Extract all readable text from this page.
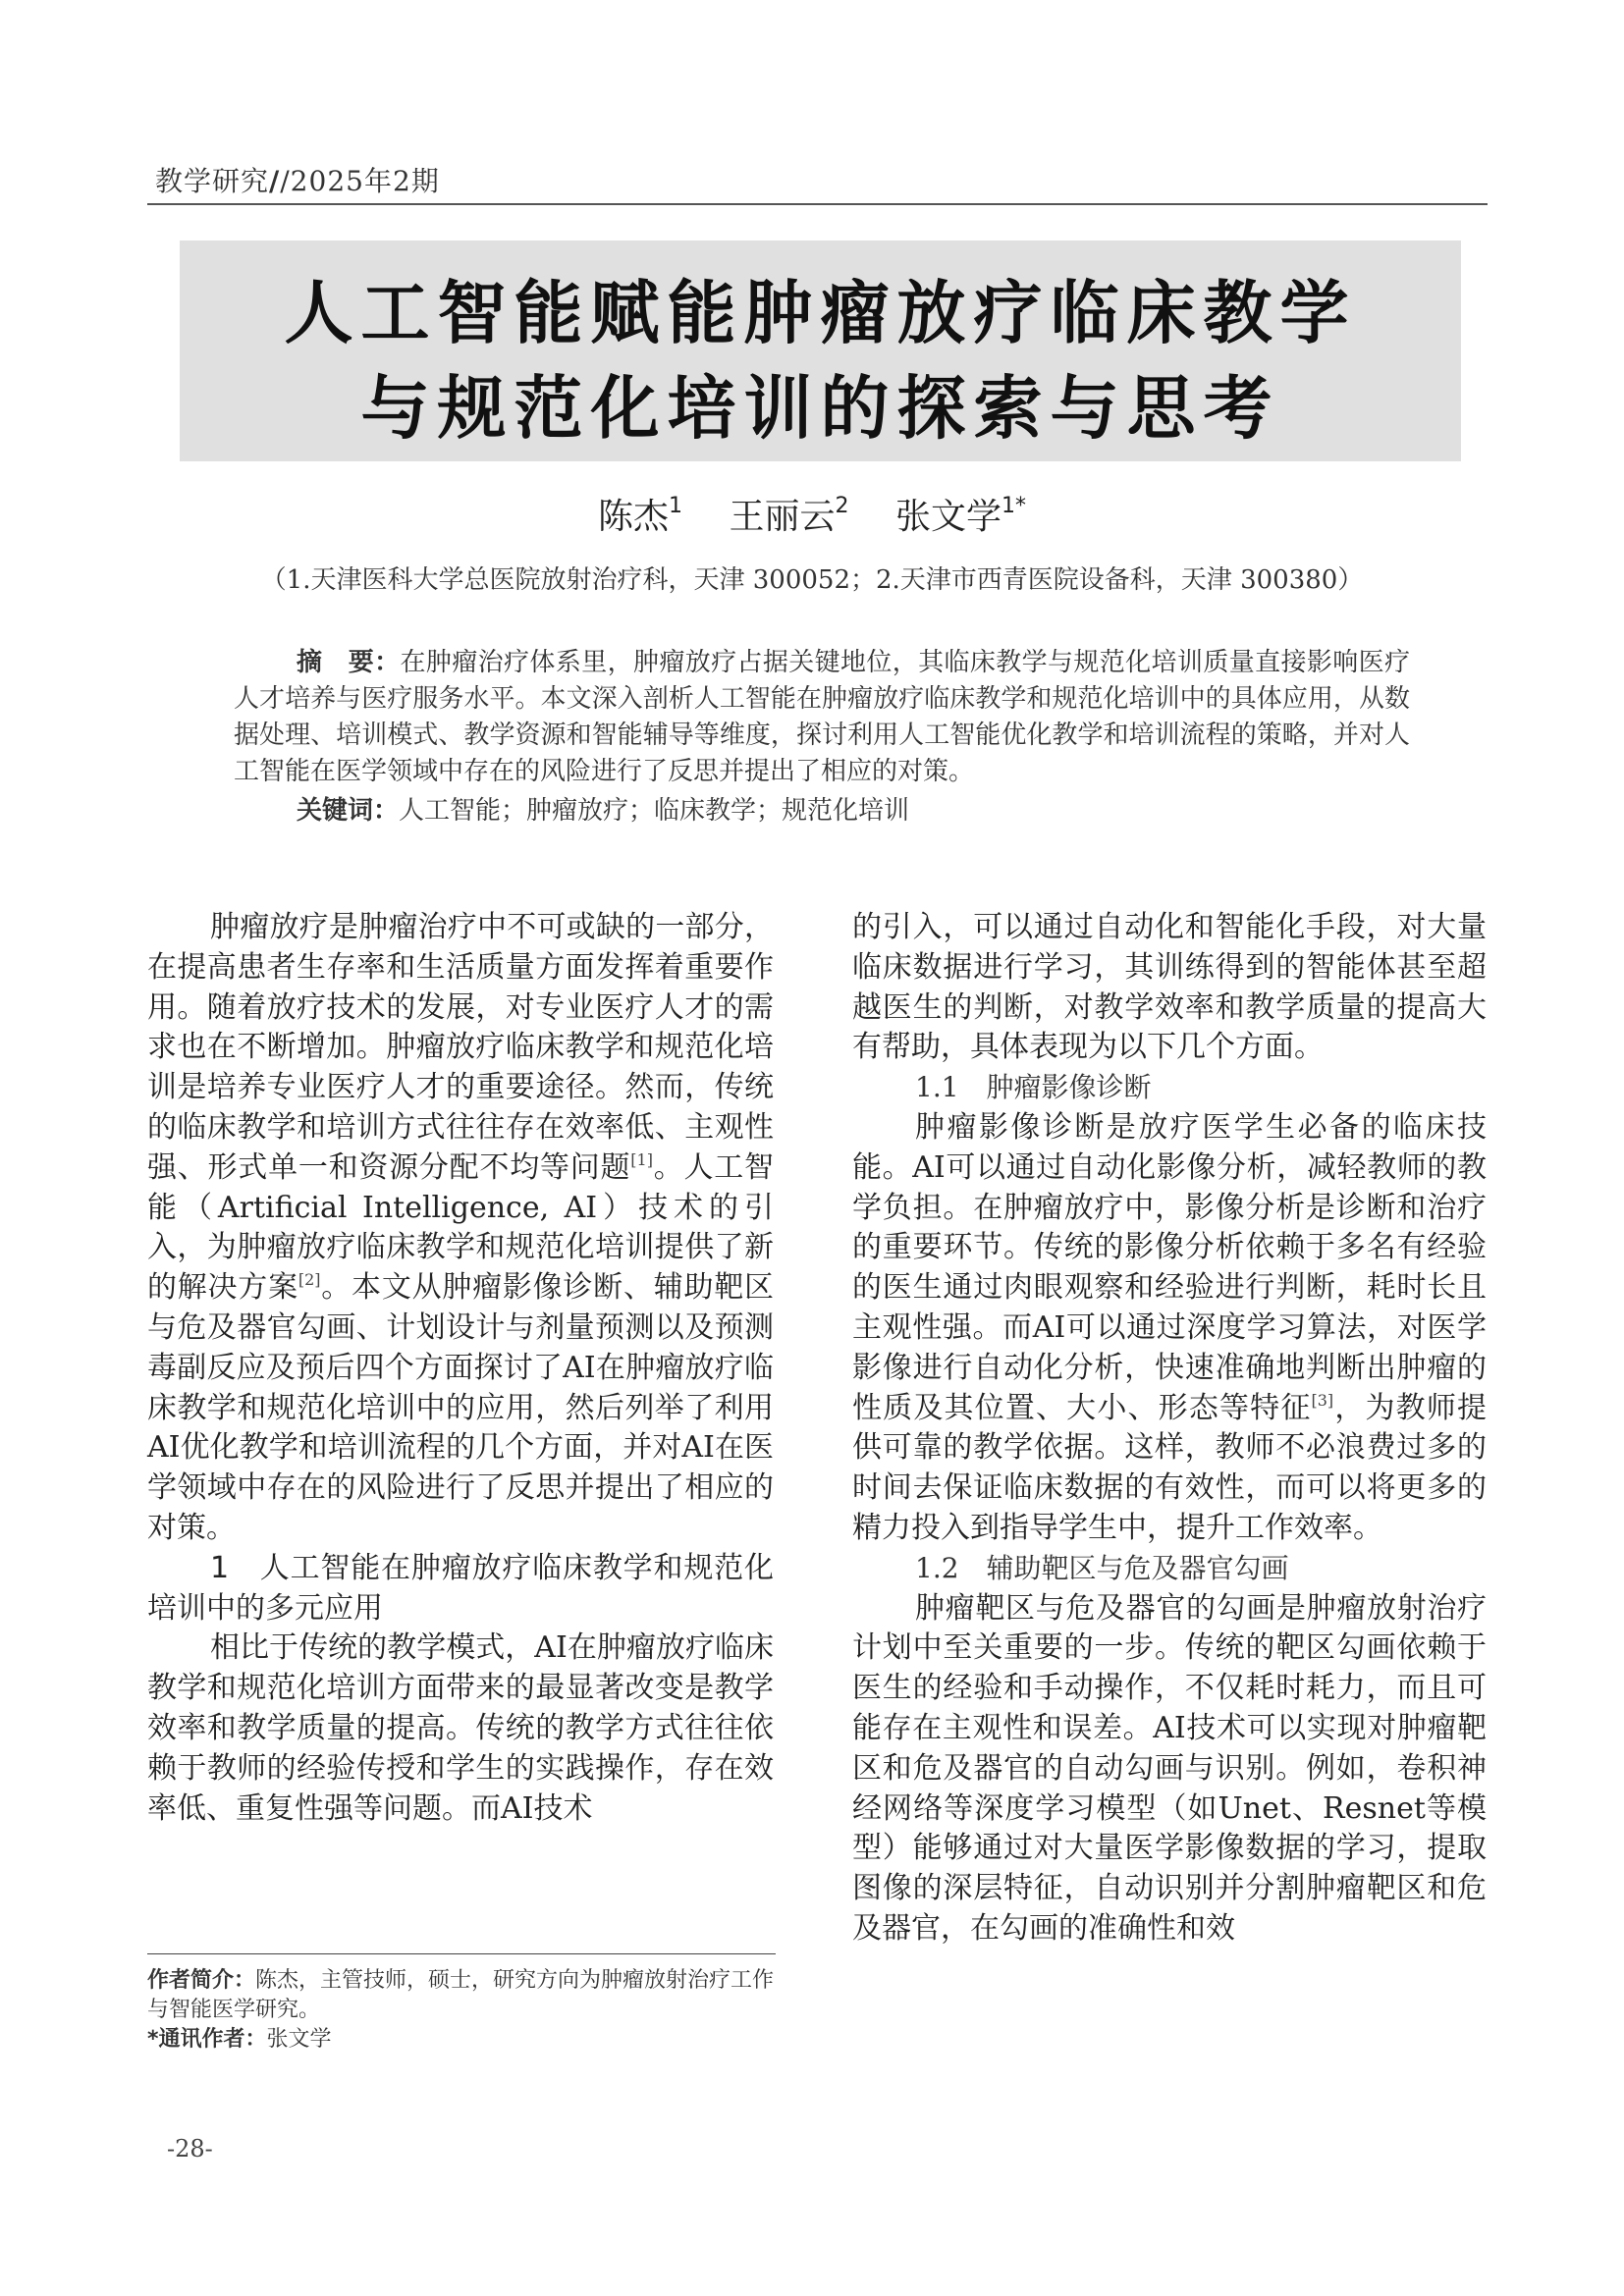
教学研究//2025年2期
人工智能赋能肿瘤放疗临床教学
与规范化培训的探索与思考
陈杰$^1$ 王丽云$^2$ 张文学$^{1*}$
（1.天津医科大学总医院放射治疗科，天津 300052；2.天津市西青医院设备科，天津 300380）
摘　要：在肿瘤治疗体系里，肿瘤放疗占据关键地位，其临床教学与规范化培训质量直接影响医疗人才培养与医疗服务水平。本文深入剖析人工智能在肿瘤放疗临床教学和规范化培训中的具体应用，从数据处理、培训模式、教学资源和智能辅导等维度，探讨利用人工智能优化教学和培训流程的策略，并对人工智能在医学领域中存在的风险进行了反思并提出了相应的对策。
关键词：人工智能；肿瘤放疗；临床教学；规范化培训

肿瘤放疗是肿瘤治疗中不可或缺的一部分，在提高患者生存率和生活质量方面发挥着重要作用。随着放疗技术的发展，对专业医疗人才的需求也在不断增加。肿瘤放疗临床教学和规范化培训是培养专业医疗人才的重要途径。然而，传统的临床教学和培训方式往往存在效率低、主观性强、形式单一和资源分配不均等问题[1]。人工智能（Artificial Intelligence, AI）技术的引入，为肿瘤放疗临床教学和规范化培训提供了新的解决方案[2]。本文从肿瘤影像诊断、辅助靶区与危及器官勾画、计划设计与剂量预测以及预测毒副反应及预后四个方面探讨了AI在肿瘤放疗临床教学和规范化培训中的应用，然后列举了利用AI优化教学和培训流程的几个方面，并对AI在医学领域中存在的风险进行了反思并提出了相应的对策。

1　人工智能在肿瘤放疗临床教学和规范化培训中的多元应用

相比于传统的教学模式，AI在肿瘤放疗临床教学和规范化培训方面带来的最显著改变是教学效率和教学质量的提高。传统的教学方式往往依赖于教师的经验传授和学生的实践操作，存在效率低、重复性强等问题。而AI技术

的引入，可以通过自动化和智能化手段，对大量临床数据进行学习，其训练得到的智能体甚至超越医生的判断，对教学效率和教学质量的提高大有帮助，具体表现为以下几个方面。

1.1　肿瘤影像诊断

肿瘤影像诊断是放疗医学生必备的临床技能。AI可以通过自动化影像分析，减轻教师的教学负担。在肿瘤放疗中，影像分析是诊断和治疗的重要环节。传统的影像分析依赖于多名有经验的医生通过肉眼观察和经验进行判断，耗时长且主观性强。而AI可以通过深度学习算法，对医学影像进行自动化分析，快速准确地判断出肿瘤的性质及其位置、大小、形态等特征[3]，为教师提供可靠的教学依据。这样，教师不必浪费过多的时间去保证临床数据的有效性，而可以将更多的精力投入到指导学生中，提升工作效率。

1.2　辅助靶区与危及器官勾画

肿瘤靶区与危及器官的勾画是肿瘤放射治疗计划中至关重要的一步。传统的靶区勾画依赖于医生的经验和手动操作，不仅耗时耗力，而且可能存在主观性和误差。AI技术可以实现对肿瘤靶区和危及器官的自动勾画与识别。例如，卷积神经网络等深度学习模型（如Unet、Resnet等模型）能够通过对大量医学影像数据的学习，提取图像的深层特征，自动识别并分割肿瘤靶区和危及器官，在勾画的准确性和效

作者简介：陈杰，主管技师，硕士，研究方向为肿瘤放射治疗工作与智能医学研究。
*通讯作者：张文学
-28-
